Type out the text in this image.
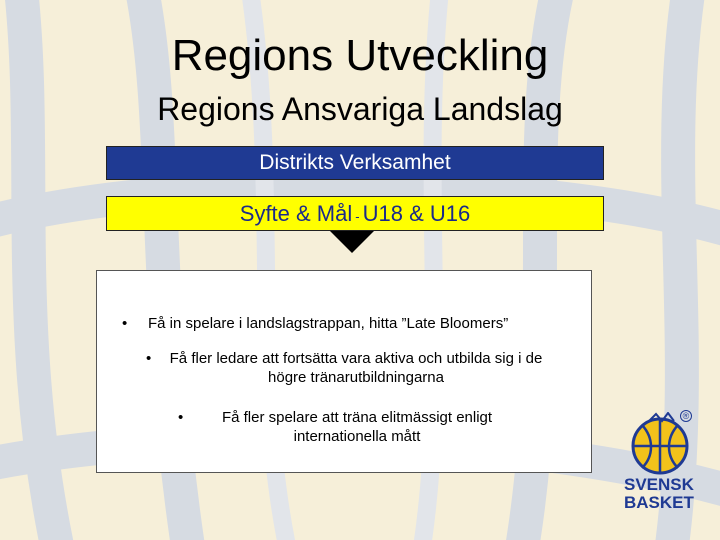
Regions Utveckling
Regions Ansvariga Landslag
Distrikts Verksamhet
Syfte & Mål - U18 & U16
• Få in spelare i landslagstrappan, hitta ”Late Bloomers”
• Få fler ledare att fortsätta vara aktiva och utbilda sig i de högre tränarutbildningarna
•	Få fler spelare att träna elitmässigt enligt internationella mått
®
SVENSK
BASKET
